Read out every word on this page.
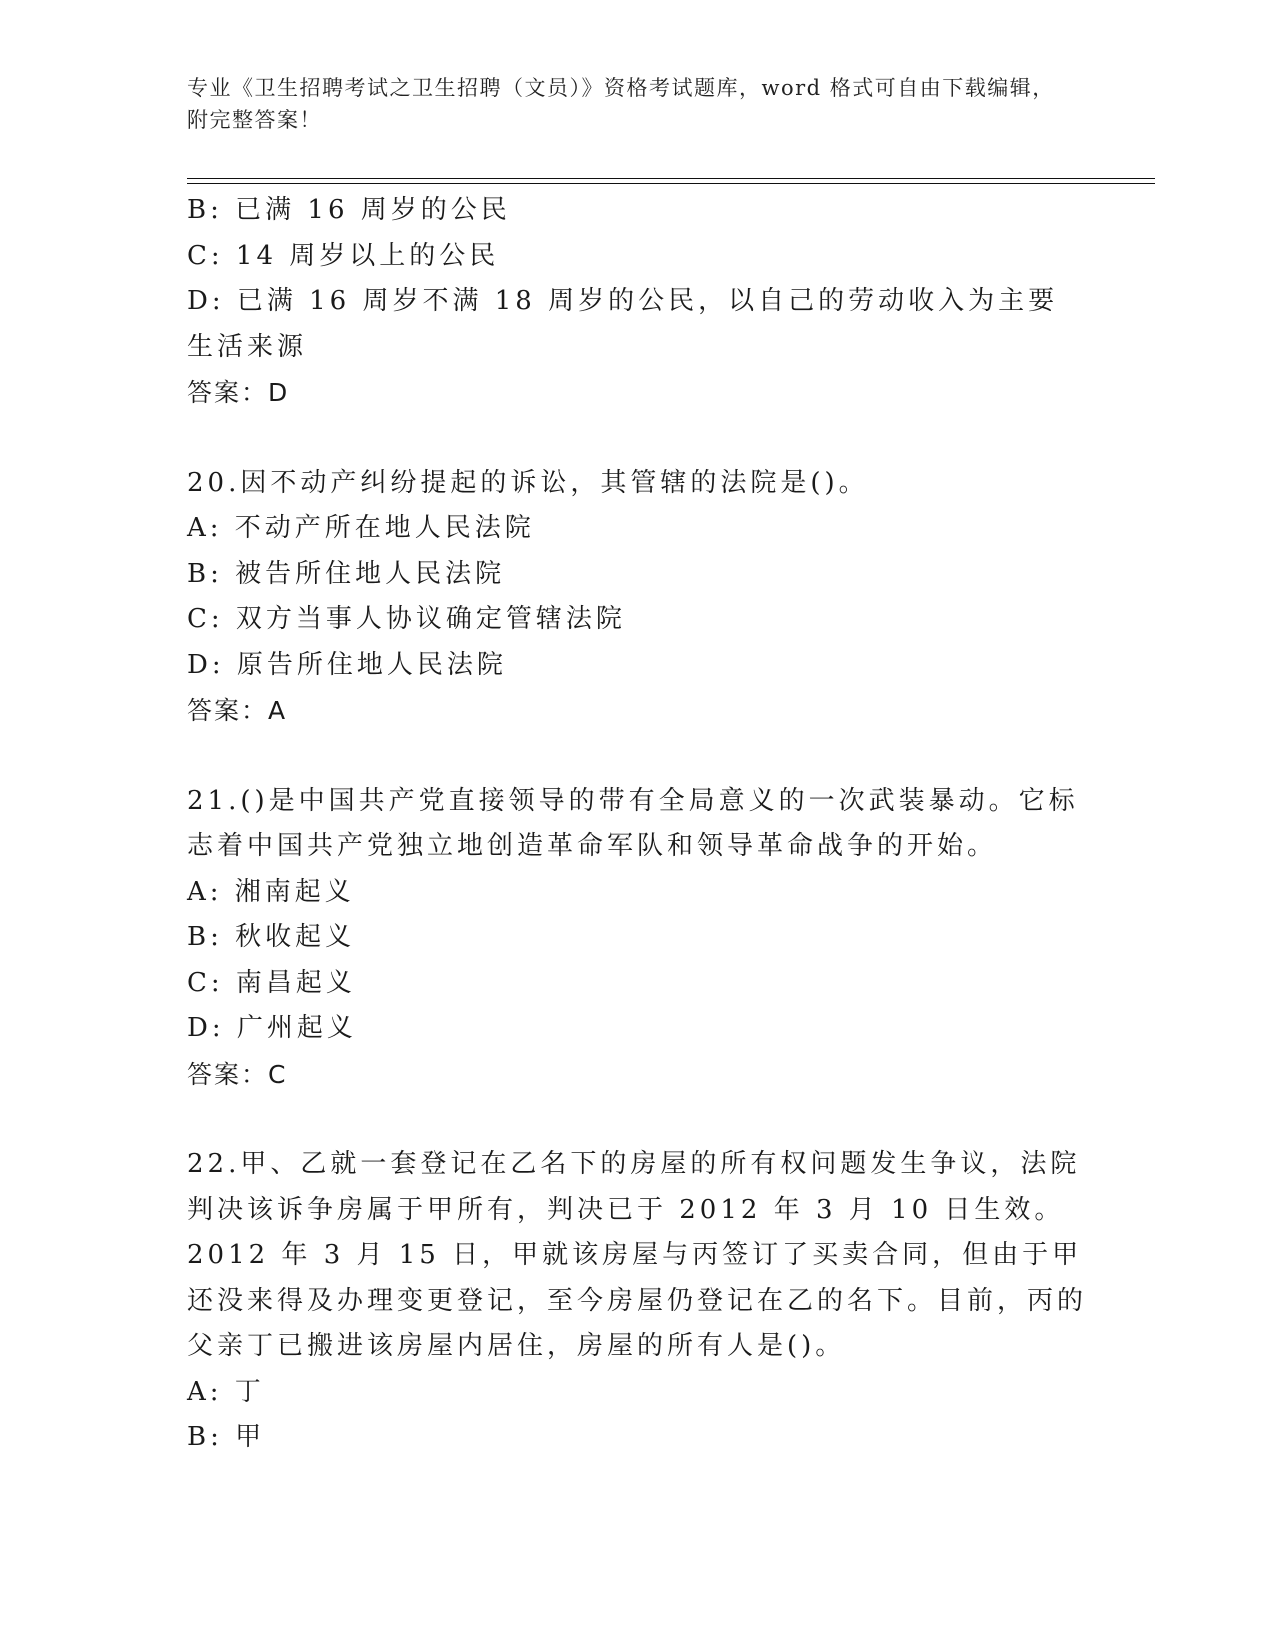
专业《卫生招聘考试之卫生招聘（文员）》资格考试题库，word 格式可自由下载编辑，附完整答案！
B: 已满 16 周岁的公民
C: 14 周岁以上的公民
D: 已满 16 周岁不满 18 周岁的公民，以自己的劳动收入为主要生活来源
答案：D
20.因不动产纠纷提起的诉讼，其管辖的法院是()。
A: 不动产所在地人民法院
B: 被告所住地人民法院
C: 双方当事人协议确定管辖法院
D: 原告所住地人民法院
答案：A
21.()是中国共产党直接领导的带有全局意义的一次武装暴动。它标志着中国共产党独立地创造革命军队和领导革命战争的开始。
A: 湘南起义
B: 秋收起义
C: 南昌起义
D: 广州起义
答案：C
22.甲、乙就一套登记在乙名下的房屋的所有权问题发生争议，法院判决该诉争房属于甲所有，判决已于 2012 年 3 月 10 日生效。2012 年 3 月 15 日，甲就该房屋与丙签订了买卖合同，但由于甲还没来得及办理变更登记，至今房屋仍登记在乙的名下。目前，丙的父亲丁已搬进该房屋内居住，房屋的所有人是()。
A: 丁
B: 甲
